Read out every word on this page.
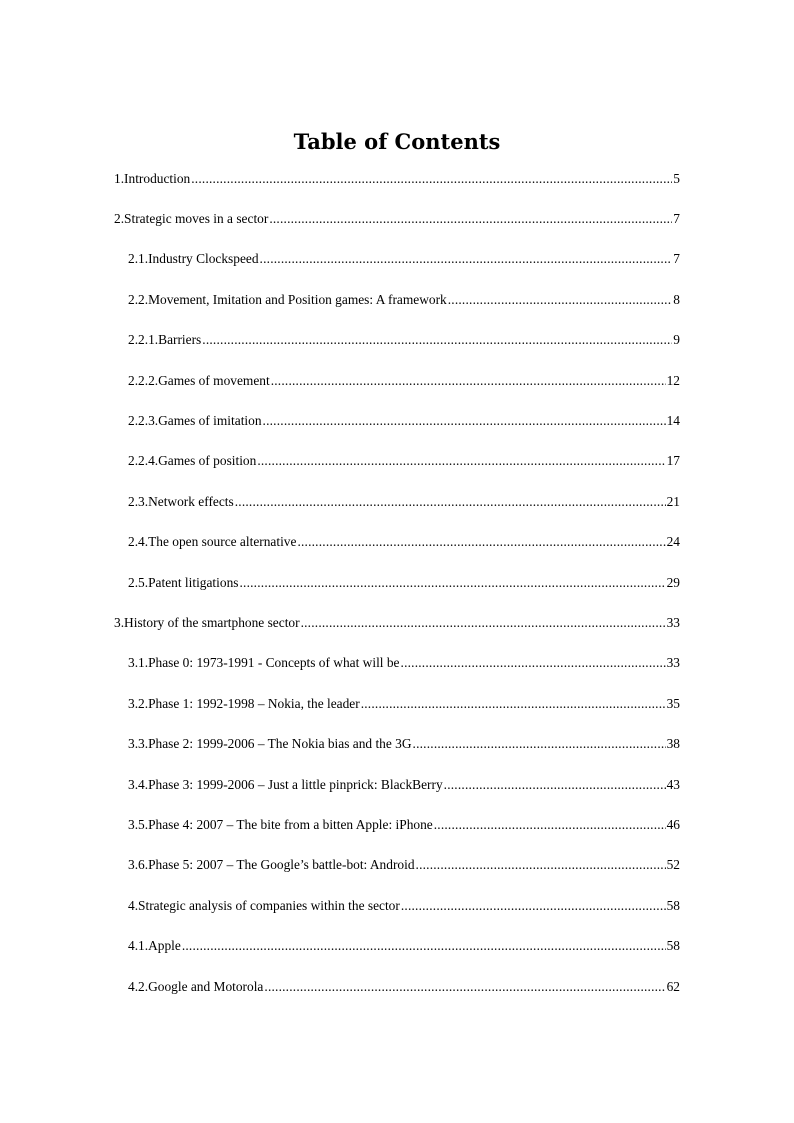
Table of Contents
1. Introduction .....	5
2. Strategic moves in a sector .....	7
2.1. Industry Clockspeed .....	7
2.2. Movement, Imitation and Position games: A framework .....	8
2.2.1. Barriers .....	9
2.2.2. Games of movement .....	12
2.2.3. Games of imitation .....	14
2.2.4. Games of position .....	17
2.3. Network effects .....	21
2.4. The open source alternative .....	24
2.5. Patent litigations .....	29
3. History of the smartphone sector .....	33
3.1. Phase 0: 1973-1991 - Concepts of what will be .....	33
3.2. Phase 1: 1992-1998 – Nokia, the leader .....	35
3.3. Phase 2: 1999-2006 – The Nokia bias and the 3G .....	38
3.4. Phase 3: 1999-2006 – Just a little pinprick: BlackBerry .....	43
3.5. Phase 4: 2007 – The bite from a bitten Apple: iPhone .....	46
3.6. Phase 5: 2007 – The Google’s battle-bot: Android .....	52
4. Strategic analysis of companies within the sector .....	58
4.1. Apple .....	58
4.2. Google and Motorola .....	62
